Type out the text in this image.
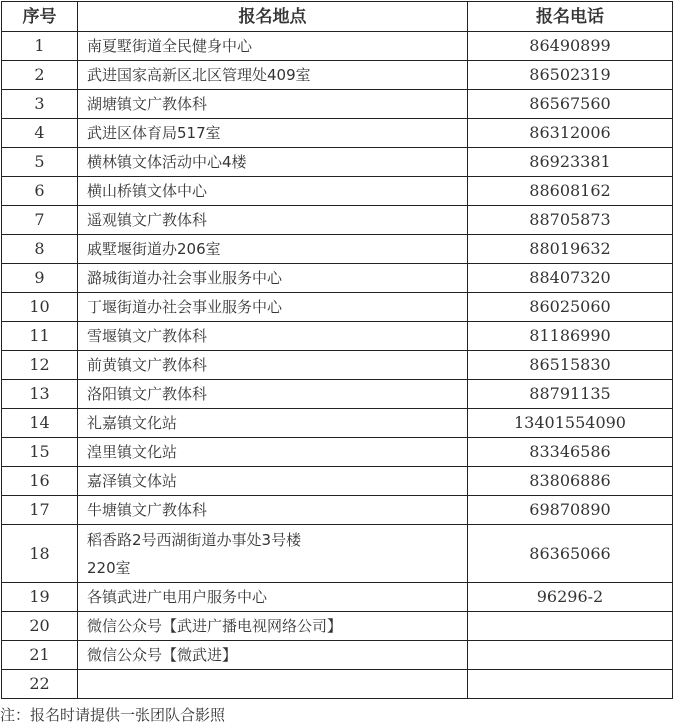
序号	报名地点	报名电话
1	南夏墅街道全民健身中心	86490899
2	武进国家高新区北区管理处409室	86502319
3	湖塘镇文广教体科	86567560
4	武进区体育局517室	86312006
5	横林镇文体活动中心4楼	86923381
6	横山桥镇文体中心	88608162
7	遥观镇文广教体科	88705873
8	戚墅堰街道办206室	88019632
9	潞城街道办社会事业服务中心	88407320
10	丁堰街道办社会事业服务中心	86025060
11	雪堰镇文广教体科	81186990
12	前黄镇文广教体科	86515830
13	洛阳镇文广教体科	88791135
14	礼嘉镇文化站	13401554090
15	湟里镇文化站	83346586
16	嘉泽镇文体站	83806886
17	牛塘镇文广教体科	69870890
18	稻香路2号西湖街道办事处3号楼220室	86365066
19	各镇武进广电用户服务中心	96296-2
20	微信公众号【武进广播电视网络公司】	
21	微信公众号【微武进】	
22		
注：报名时请提供一张团队合影照
